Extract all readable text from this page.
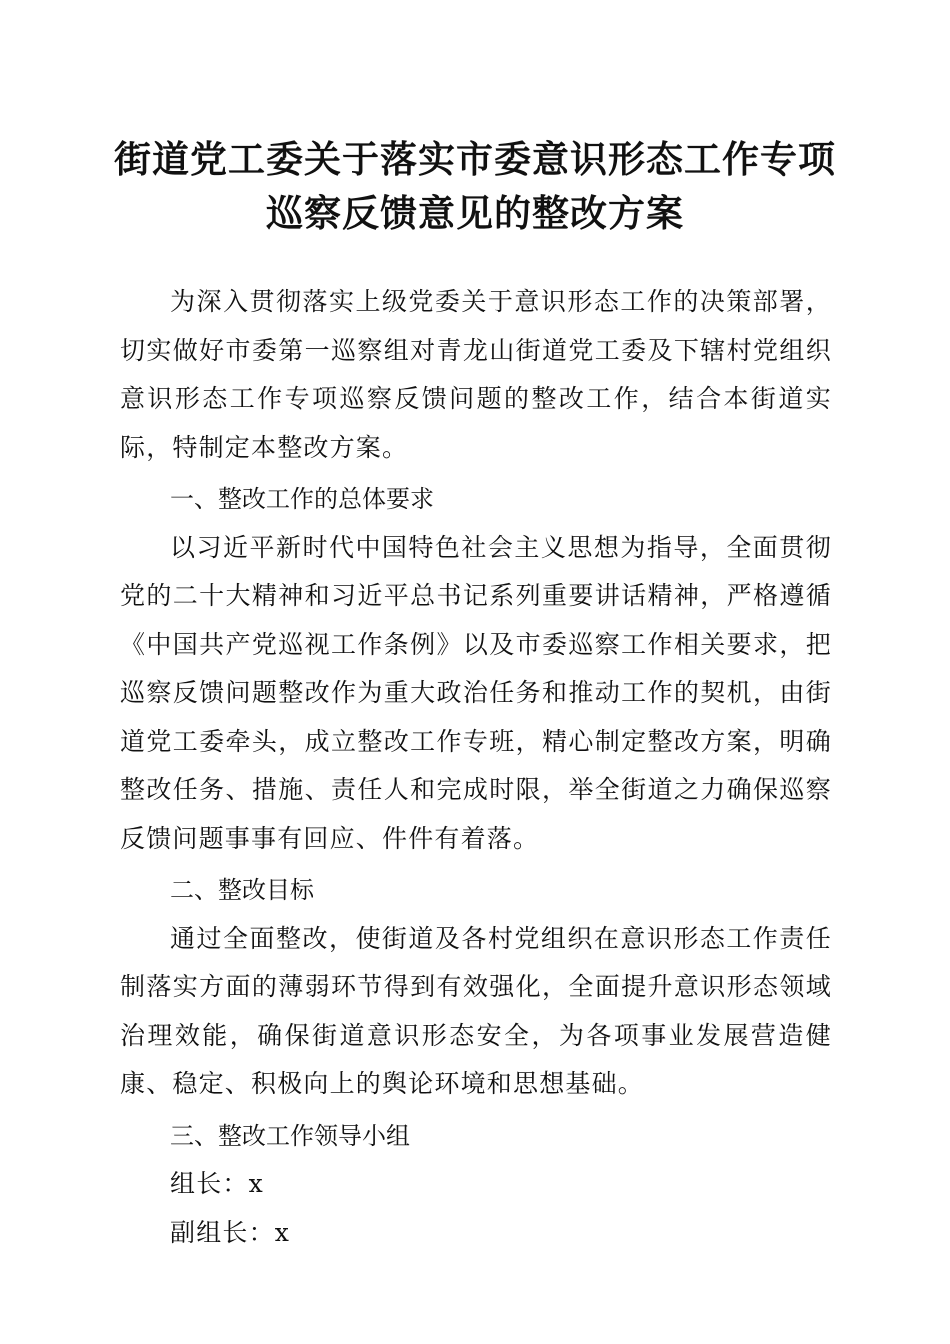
街道党工委关于落实市委意识形态工作专项巡察反馈意见的整改方案

为深入贯彻落实上级党委关于意识形态工作的决策部署，切实做好市委第一巡察组对青龙山街道党工委及下辖村党组织意识形态工作专项巡察反馈问题的整改工作，结合本街道实际，特制定本整改方案。

一、整改工作的总体要求

以习近平新时代中国特色社会主义思想为指导，全面贯彻党的二十大精神和习近平总书记系列重要讲话精神，严格遵循《中国共产党巡视工作条例》以及市委巡察工作相关要求，把巡察反馈问题整改作为重大政治任务和推动工作的契机，由街道党工委牵头，成立整改工作专班，精心制定整改方案，明确整改任务、措施、责任人和完成时限，举全街道之力确保巡察反馈问题事事有回应、件件有着落。

二、整改目标

通过全面整改，使街道及各村党组织在意识形态工作责任制落实方面的薄弱环节得到有效强化，全面提升意识形态领域治理效能，确保街道意识形态安全，为各项事业发展营造健康、稳定、积极向上的舆论环境和思想基础。

三、整改工作领导小组

组长：x

副组长：x
